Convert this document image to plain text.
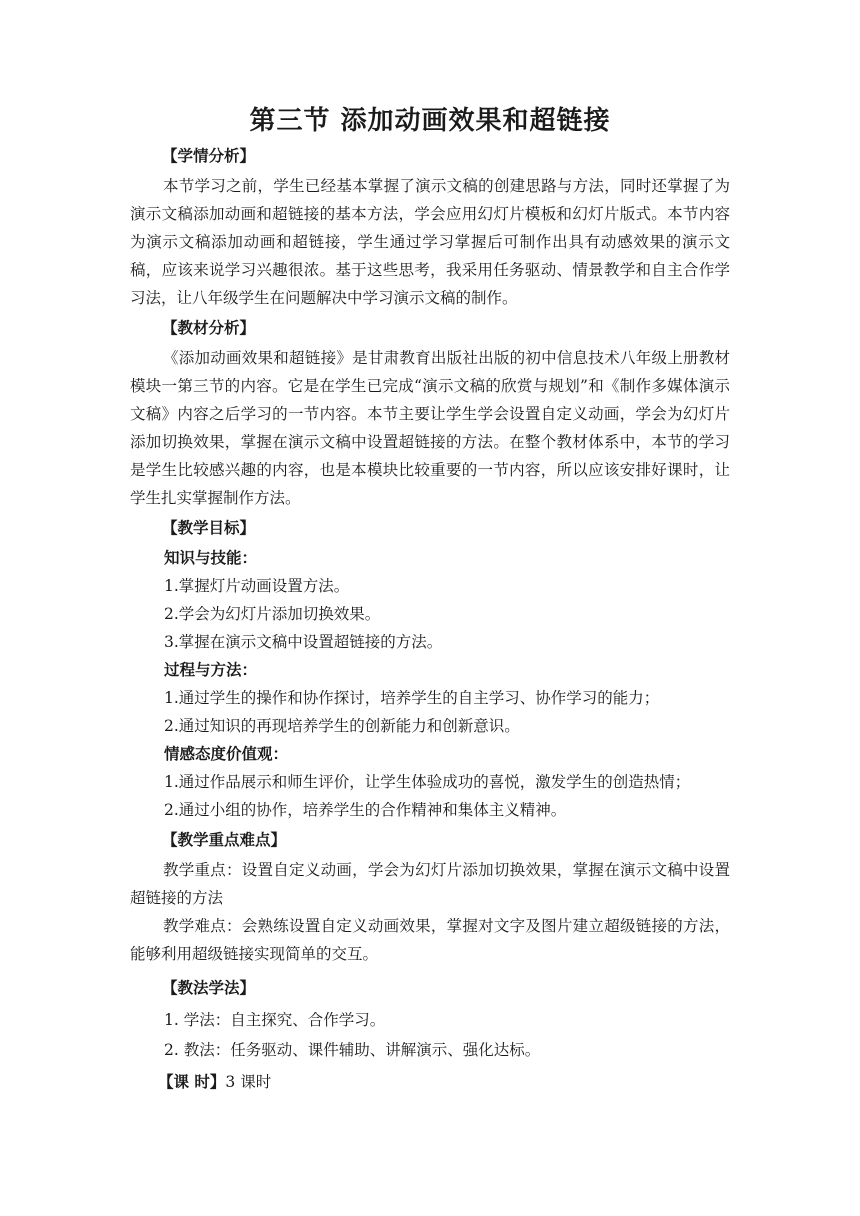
第三节 添加动画效果和超链接
【学情分析】

本节学习之前，学生已经基本掌握了演示文稿的创建思路与方法，同时还掌握了为演示文稿添加动画和超链接的基本方法，学会应用幻灯片模板和幻灯片版式。本节内容为演示文稿添加动画和超链接，学生通过学习掌握后可制作出具有动感效果的演示文稿，应该来说学习兴趣很浓。基于这些思考，我采用任务驱动、情景教学和自主合作学习法，让八年级学生在问题解决中学习演示文稿的制作。

【教材分析】

《添加动画效果和超链接》是甘肃教育出版社出版的初中信息技术八年级上册教材模块一第三节的内容。它是在学生已完成“演示文稿的欣赏与规划”和《制作多媒体演示文稿》内容之后学习的一节内容。本节主要让学生学会设置自定义动画，学会为幻灯片添加切换效果，掌握在演示文稿中设置超链接的方法。在整个教材体系中，本节的学习是学生比较感兴趣的内容，也是本模块比较重要的一节内容，所以应该安排好课时，让学生扎实掌握制作方法。

【教学目标】
知识与技能：
1.掌握灯片动画设置方法。
2.学会为幻灯片添加切换效果。
3.掌握在演示文稿中设置超链接的方法。
过程与方法：
1.通过学生的操作和协作探讨，培养学生的自主学习、协作学习的能力；
2.通过知识的再现培养学生的创新能力和创新意识。
情感态度价值观：
1.通过作品展示和师生评价，让学生体验成功的喜悦，激发学生的创造热情；
2.通过小组的协作，培养学生的合作精神和集体主义精神。
【教学重点难点】

教学重点：设置自定义动画，学会为幻灯片添加切换效果，掌握在演示文稿中设置超链接的方法

教学难点：会熟练设置自定义动画效果，掌握对文字及图片建立超级链接的方法，能够利用超级链接实现简单的交互。

【教法学法】
1. 学法：自主探究、合作学习。
2. 教法：任务驱动、课件辅助、讲解演示、强化达标。
【课 时】3 课时
